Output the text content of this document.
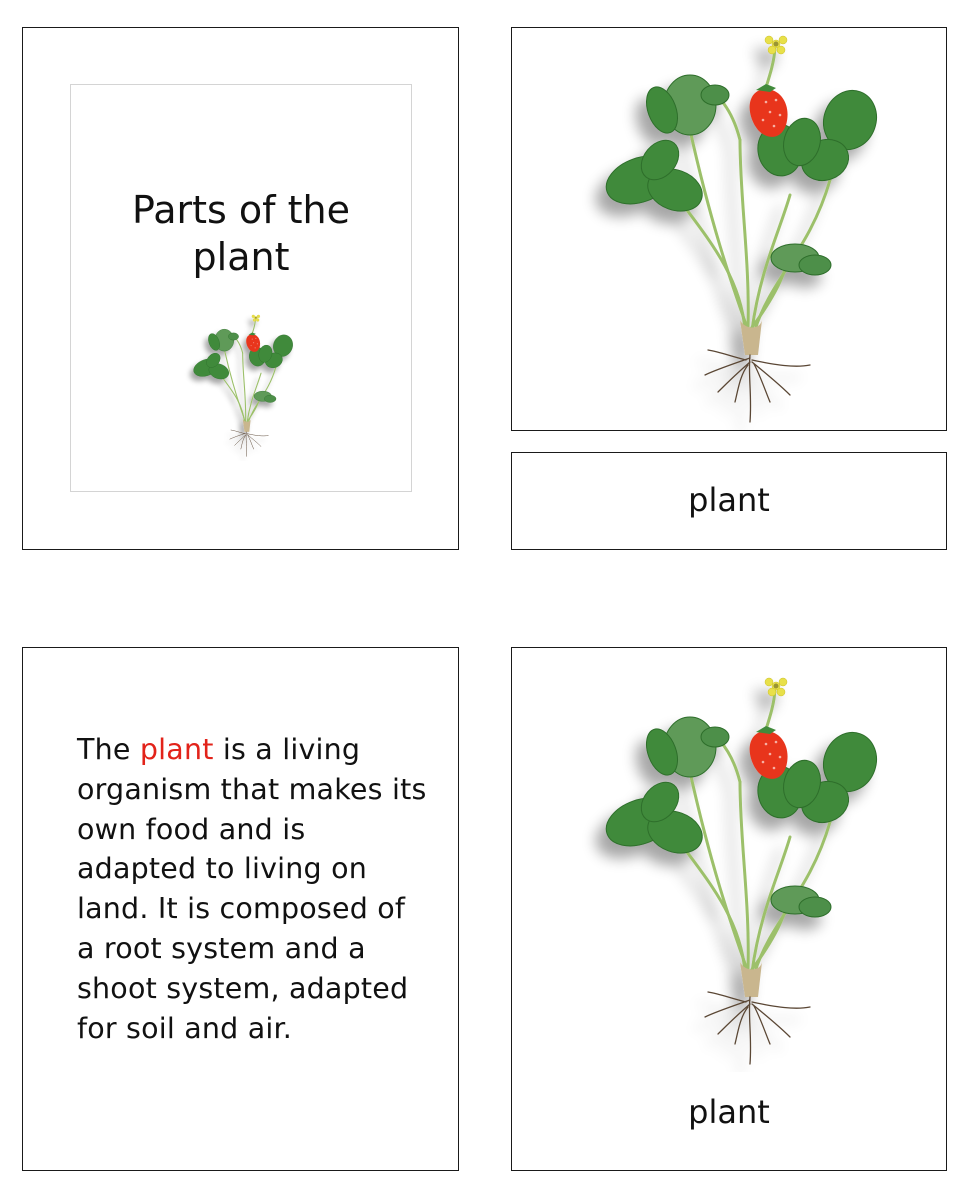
Parts of the plant
plant

The plant is a living organism that makes its own food and is adapted to living on land. It is composed of a root system and a shoot system, adapted for soil and air.

plant
